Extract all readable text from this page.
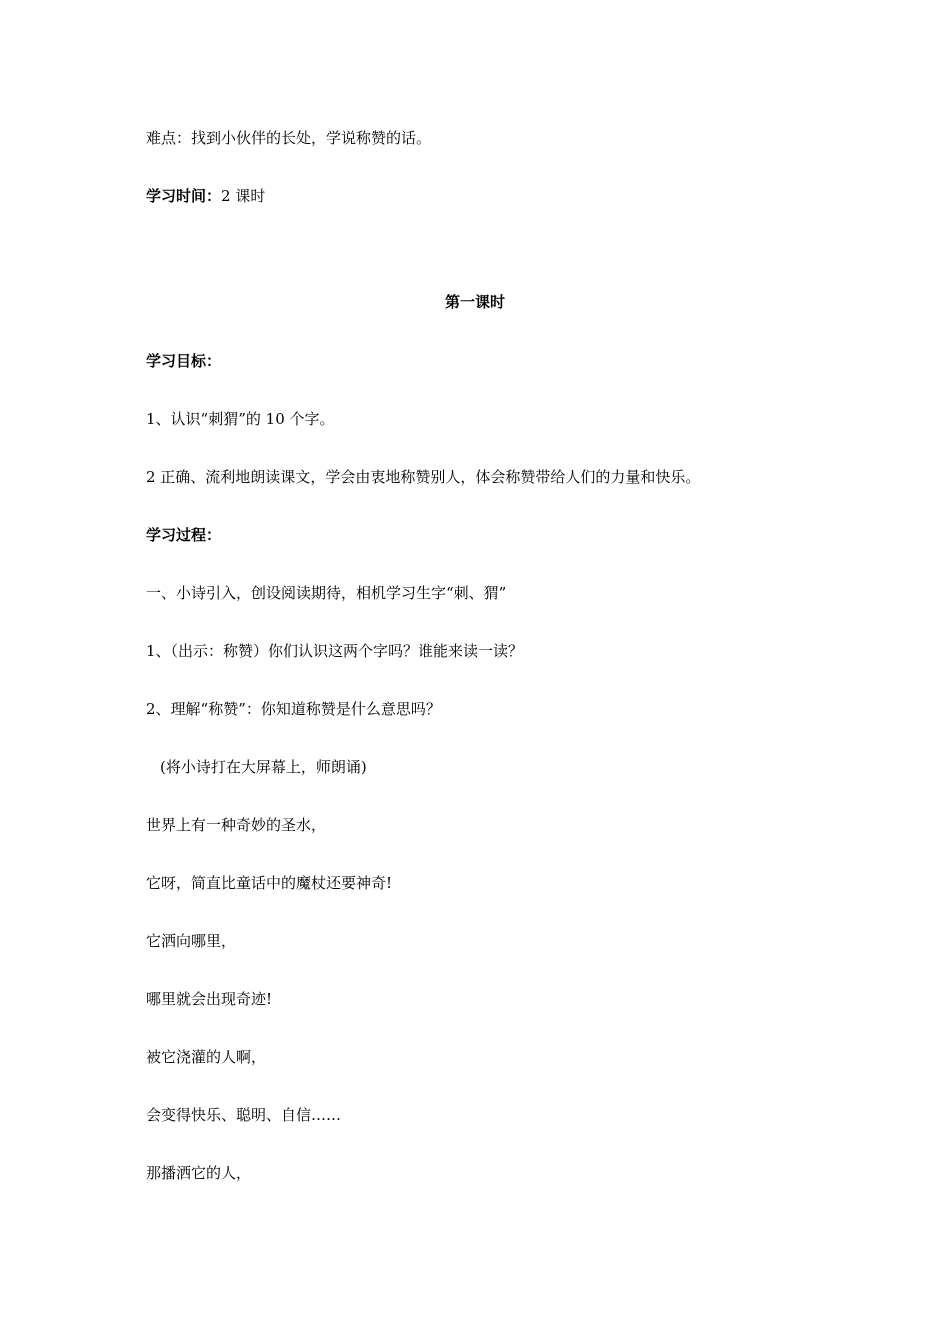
难点：找到小伙伴的长处，学说称赞的话。
学习时间：2 课时
第一课时
学习目标：
1、认识“刺猬”的 10 个字。
2 正确、流利地朗读课文，学会由衷地称赞别人，体会称赞带给人们的力量和快乐。
学习过程：
一、小诗引入，创设阅读期待，相机学习生字“刺、猬”
1、（出示：称赞）你们认识这两个字吗？谁能来读一读？
2、理解“称赞”：你知道称赞是什么意思吗？
(将小诗打在大屏幕上，师朗诵)
世界上有一种奇妙的圣水，
它呀，简直比童话中的魔杖还要神奇!
它洒向哪里，
哪里就会出现奇迹!
被它浇灌的人啊，
会变得快乐、聪明、自信……
那播洒它的人，
